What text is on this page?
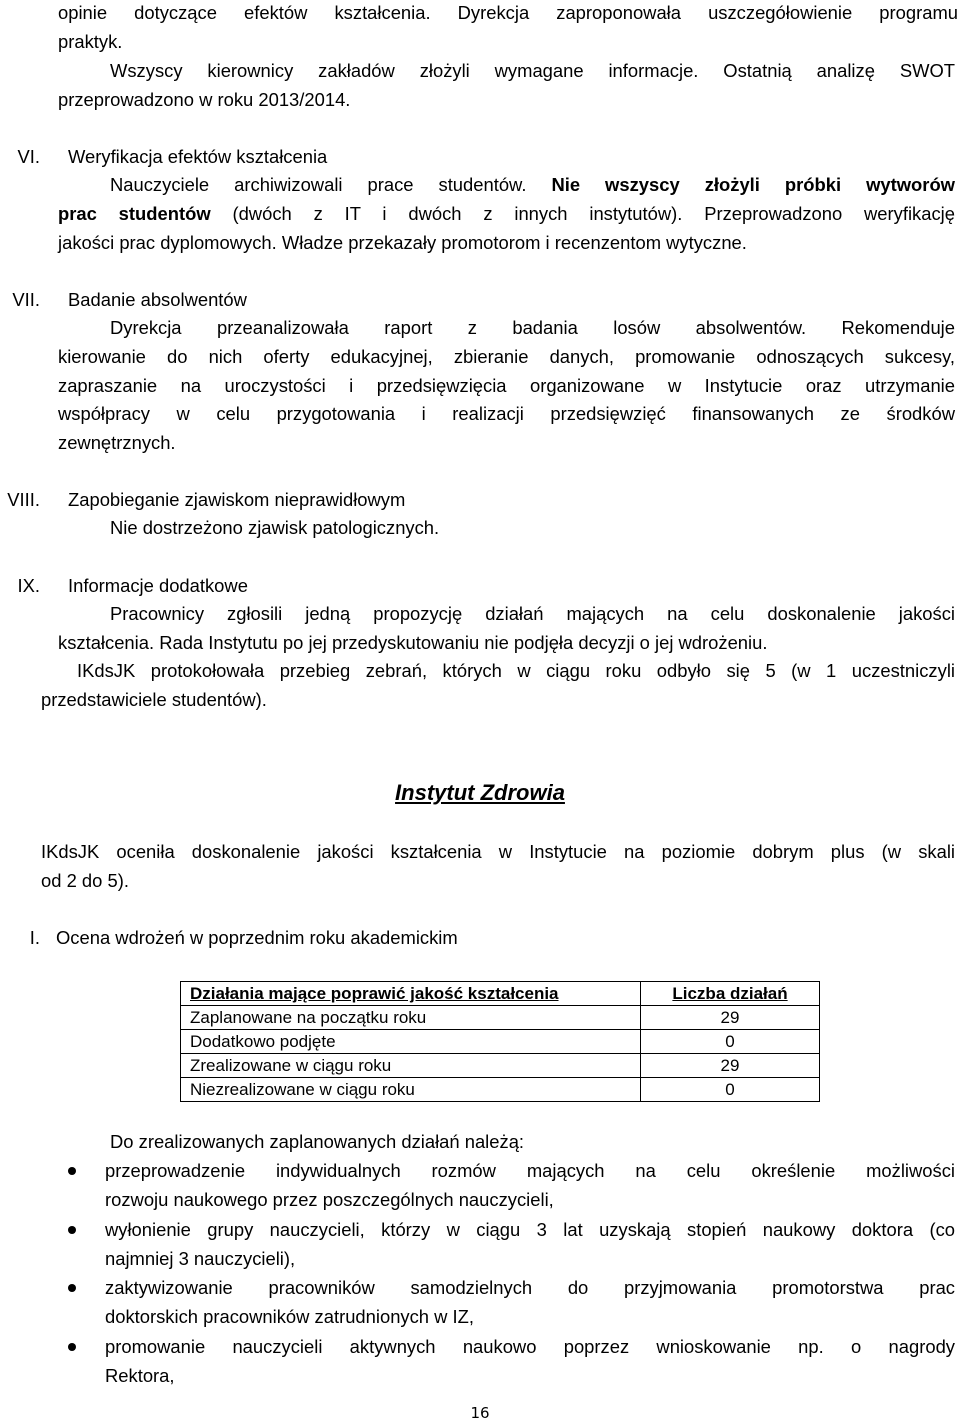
opinie dotyczące efektów kształcenia. Dyrekcja zaproponowała uszczegółowienie programu
praktyk.
Wszyscy kierownicy zakładów złożyli wymagane informacje. Ostatnią analizę SWOT
przeprowadzono w roku 2013/2014.
VI. Weryfikacja efektów kształcenia
Nauczyciele archiwizowali prace studentów. Nie wszyscy złożyli próbki wytworów
prac studentów (dwóch z IT i dwóch z innych instytutów). Przeprowadzono weryfikację
jakości prac dyplomowych. Władze przekazały promotorom i recenzentom wytyczne.
VII. Badanie absolwentów
Dyrekcja przeanalizowała raport z badania losów absolwentów. Rekomenduje
kierowanie do nich oferty edukacyjnej, zbieranie danych, promowanie odnoszących sukcesy,
zapraszanie na uroczystości i przedsięwzięcia organizowane w Instytucie oraz utrzymanie
współpracy w celu przygotowania i realizacji przedsięwzięć finansowanych ze środków
zewnętrznych.
VIII. Zapobieganie zjawiskom nieprawidłowym
Nie dostrzeżono zjawisk patologicznych.
IX. Informacje dodatkowe
Pracownicy zgłosili jedną propozycję działań mających na celu doskonalenie jakości
kształcenia. Rada Instytutu po jej przedyskutowaniu nie podjęła decyzji o jej wdrożeniu.
IKdsJK protokołowała przebieg zebrań, których w ciągu roku odbyło się 5 (w 1 uczestniczyli
przedstawiciele studentów).
Instytut Zdrowia
IKdsJK oceniła doskonalenie jakości kształcenia w Instytucie na poziomie dobrym plus (w skali
od 2 do 5).
I. Ocena wdrożeń w poprzednim roku akademickim
Działania mające poprawić jakość kształcenia	Liczba działań
Zaplanowane na początku roku	29
Dodatkowo podjęte	0
Zrealizowane w ciągu roku	29
Niezrealizowane w ciągu roku	0
Do zrealizowanych zaplanowanych działań należą:
przeprowadzenie indywidualnych rozmów mających na celu określenie możliwości
rozwoju naukowego przez poszczególnych nauczycieli,
wyłonienie grupy nauczycieli, którzy w ciągu 3 lat uzyskają stopień naukowy doktora (co
najmniej 3 nauczycieli),
zaktywizowanie pracowników samodzielnych do przyjmowania promotorstwa prac
doktorskich pracowników zatrudnionych w IZ,
promowanie nauczycieli aktywnych naukowo poprzez wnioskowanie np. o nagrody
Rektora,
16
